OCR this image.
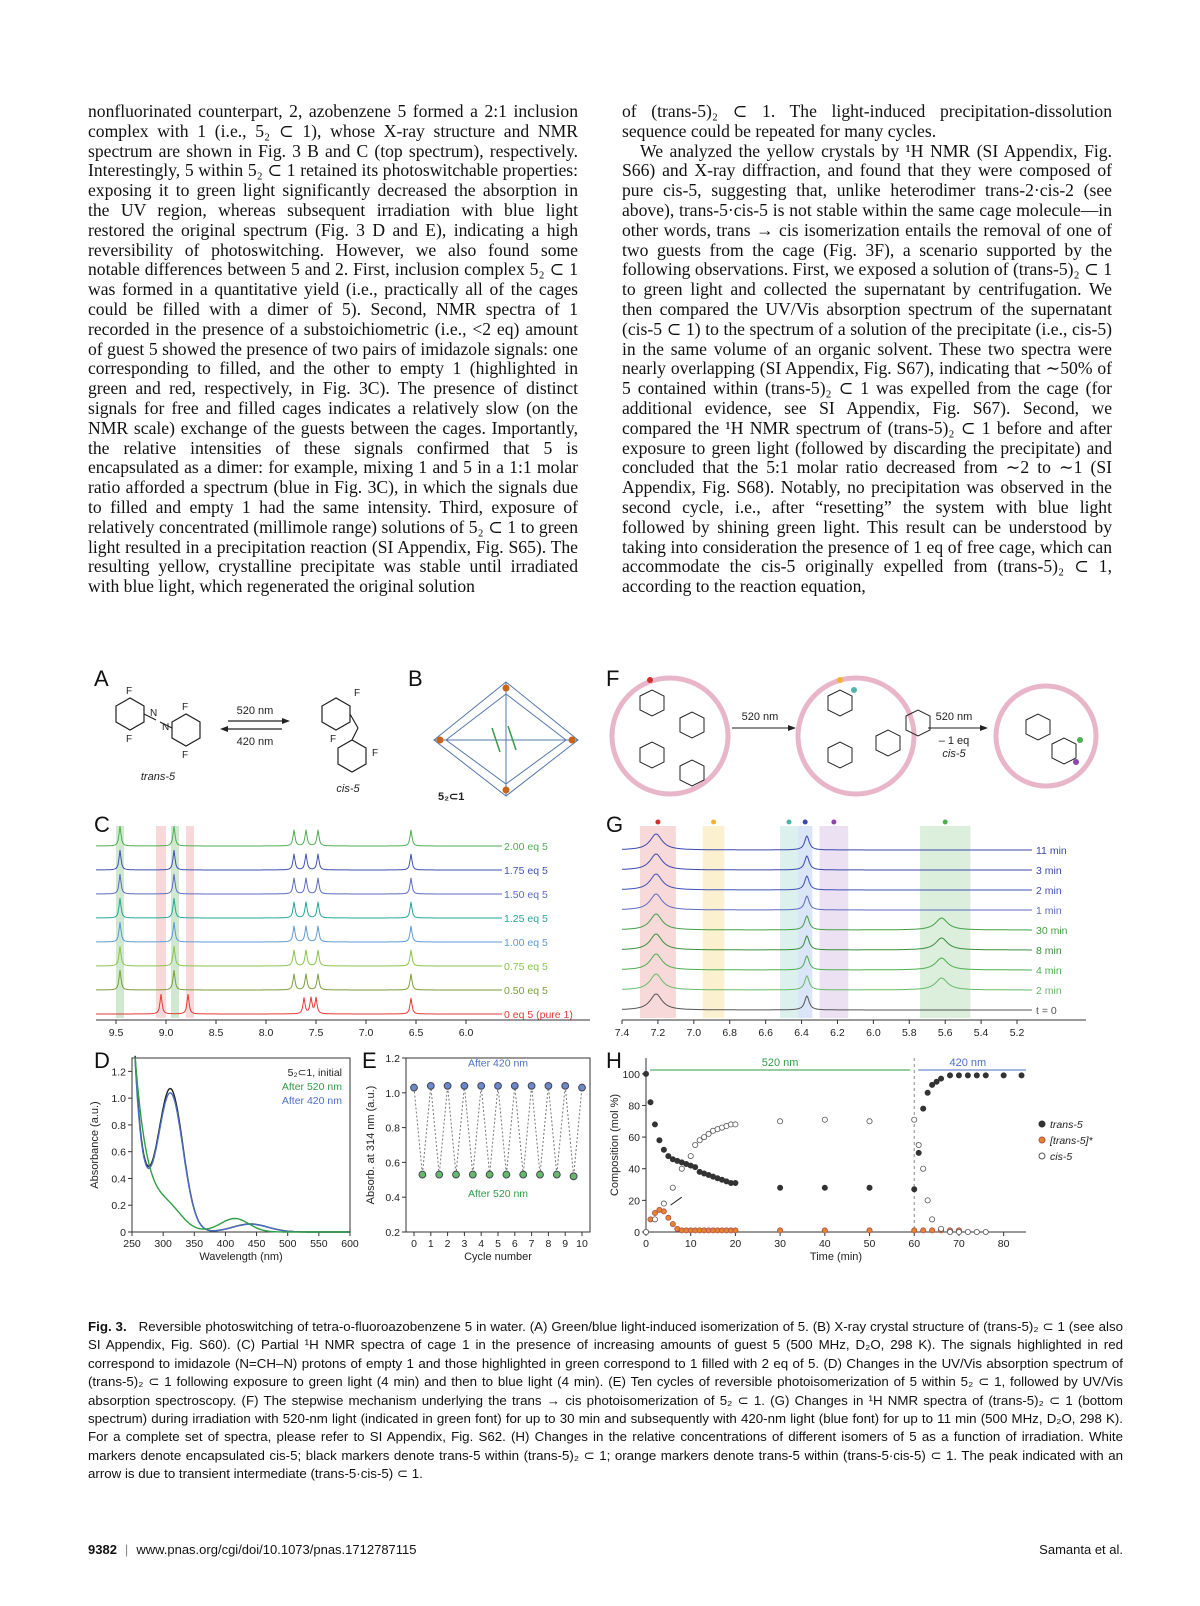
nonfluorinated counterpart, 2, azobenzene 5 formed a 2:1 inclusion complex with 1 (i.e., 5₂ ⊂ 1), whose X-ray structure and NMR spectrum are shown in Fig. 3 B and C (top spectrum), respectively. Interestingly, 5 within 5₂ ⊂ 1 retained its photoswitchable properties: exposing it to green light significantly decreased the absorption in the UV region, whereas subsequent irradiation with blue light restored the original spectrum (Fig. 3 D and E), indicating a high reversibility of photoswitching. However, we also found some notable differences between 5 and 2. First, inclusion complex 5₂ ⊂ 1 was formed in a quantitative yield (i.e., practically all of the cages could be filled with a dimer of 5). Second, NMR spectra of 1 recorded in the presence of a substoichiometric (i.e., <2 eq) amount of guest 5 showed the presence of two pairs of imidazole signals: one corresponding to filled, and the other to empty 1 (highlighted in green and red, respectively, in Fig. 3C). The presence of distinct signals for free and filled cages indicates a relatively slow (on the NMR scale) exchange of the guests between the cages. Importantly, the relative intensities of these signals confirmed that 5 is encapsulated as a dimer: for example, mixing 1 and 5 in a 1:1 molar ratio afforded a spectrum (blue in Fig. 3C), in which the signals due to filled and empty 1 had the same intensity. Third, exposure of relatively concentrated (millimole range) solutions of 5₂ ⊂ 1 to green light resulted in a precipitation reaction (SI Appendix, Fig. S65). The resulting yellow, crystalline precipitate was stable until irradiated with blue light, which regenerated the original solution

of (trans-5)₂ ⊂ 1. The light-induced precipitation-dissolution sequence could be repeated for many cycles.

We analyzed the yellow crystals by ¹H NMR (SI Appendix, Fig. S66) and X-ray diffraction, and found that they were composed of pure cis-5, suggesting that, unlike heterodimer trans-2·cis-2 (see above), trans-5·cis-5 is not stable within the same cage molecule—in other words, trans → cis isomerization entails the removal of one of two guests from the cage (Fig. 3F), a scenario supported by the following observations. First, we exposed a solution of (trans-5)₂ ⊂ 1 to green light and collected the supernatant by centrifugation. We then compared the UV/Vis absorption spectrum of the supernatant (cis-5 ⊂ 1) to the spectrum of a solution of the precipitate (i.e., cis-5) in the same volume of an organic solvent. These two spectra were nearly overlapping (SI Appendix, Fig. S67), indicating that ∼50% of 5 contained within (trans-5)₂ ⊂ 1 was expelled from the cage (for additional evidence, see SI Appendix, Fig. S67). Second, we compared the ¹H NMR spectrum of (trans-5)₂ ⊂ 1 before and after exposure to green light (followed by discarding the precipitate) and concluded that the 5:1 molar ratio decreased from ∼2 to ∼1 (SI Appendix, Fig. S68). Notably, no precipitation was observed in the second cycle, i.e., after “resetting” the system with blue light followed by shining green light. This result can be understood by taking into consideration the presence of 1 eq of free cage, which can accommodate the cis-5 originally expelled from (trans-5)₂ ⊂ 1, according to the reaction equation,

A	B
C
D	E
F
G
H
F
F
F
F
N
N
F
F
F
520 nm
420 nm
trans-5
cis-5
5₂⊂1
520 nm	520 nm
– 1 eq
cis-5
2.00 eq 5
1.75 eq 5
1.50 eq 5
1.25 eq 5
1.00 eq 5
0.75 eq 5
0.50 eq 5
0 eq 5 (pure 1)
9.5	9.0	8.5	8.0	7.5	7.0	6.5	6.0
11 min
3 min
2 min
1 min
30 min
8 min
4 min
2 min
t = 0
7.4 7.2 7.0 6.8 6.6 6.4 6.2 6.0 5.8 5.6 5.4 5.2
250 300 350 400 450 500 550 600
0
0.2
0.4
0.6
0.8
1.0
1.2
Wavelength (nm)
Absorbance (a.u.)
5₂⊂1, initial
After 520 nm
After 420 nm
0 1 2 3 4 5 6 7 8 9 10
0.2
0.4
0.6
0.8
1.0
1.2
Cycle number
Absorb. at 314 nm (a.u.)
After 420 nm
After 520 nm
0	10	20	30	40	50	60	70	80
0
20
40
60
80
100
Time (min)
Composition (mol %)
520 nm	420 nm
trans-5
[trans-5]*
cis-5
Fig. 3. Reversible photoswitching of tetra-o-fluoroazobenzene 5 in water. (A) Green/blue light-induced isomerization of 5. (B) X-ray crystal structure of (trans-5)₂ ⊂ 1 (see also SI Appendix, Fig. S60). (C) Partial ¹H NMR spectra of cage 1 in the presence of increasing amounts of guest 5 (500 MHz, D₂O, 298 K). The signals highlighted in red correspond to imidazole (N=CH–N) protons of empty 1 and those highlighted in green correspond to 1 filled with 2 eq of 5. (D) Changes in the UV/Vis absorption spectrum of (trans-5)₂ ⊂ 1 following exposure to green light (4 min) and then to blue light (4 min). (E) Ten cycles of reversible photoisomerization of 5 within 5₂ ⊂ 1, followed by UV/Vis absorption spectroscopy. (F) The stepwise mechanism underlying the trans → cis photoisomerization of 5₂ ⊂ 1. (G) Changes in ¹H NMR spectra of (trans-5)₂ ⊂ 1 (bottom spectrum) during irradiation with 520-nm light (indicated in green font) for up to 30 min and subsequently with 420-nm light (blue font) for up to 11 min (500 MHz, D₂O, 298 K). For a complete set of spectra, please refer to SI Appendix, Fig. S62. (H) Changes in the relative concentrations of different isomers of 5 as a function of irradiation. White markers denote encapsulated cis-5; black markers denote trans-5 within (trans-5)₂ ⊂ 1; orange markers denote trans-5 within (trans-5·cis-5) ⊂ 1. The peak indicated with an arrow is due to transient intermediate (trans-5·cis-5) ⊂ 1.
9382 | www.pnas.org/cgi/doi/10.1073/pnas.1712787115	Samanta et al.
